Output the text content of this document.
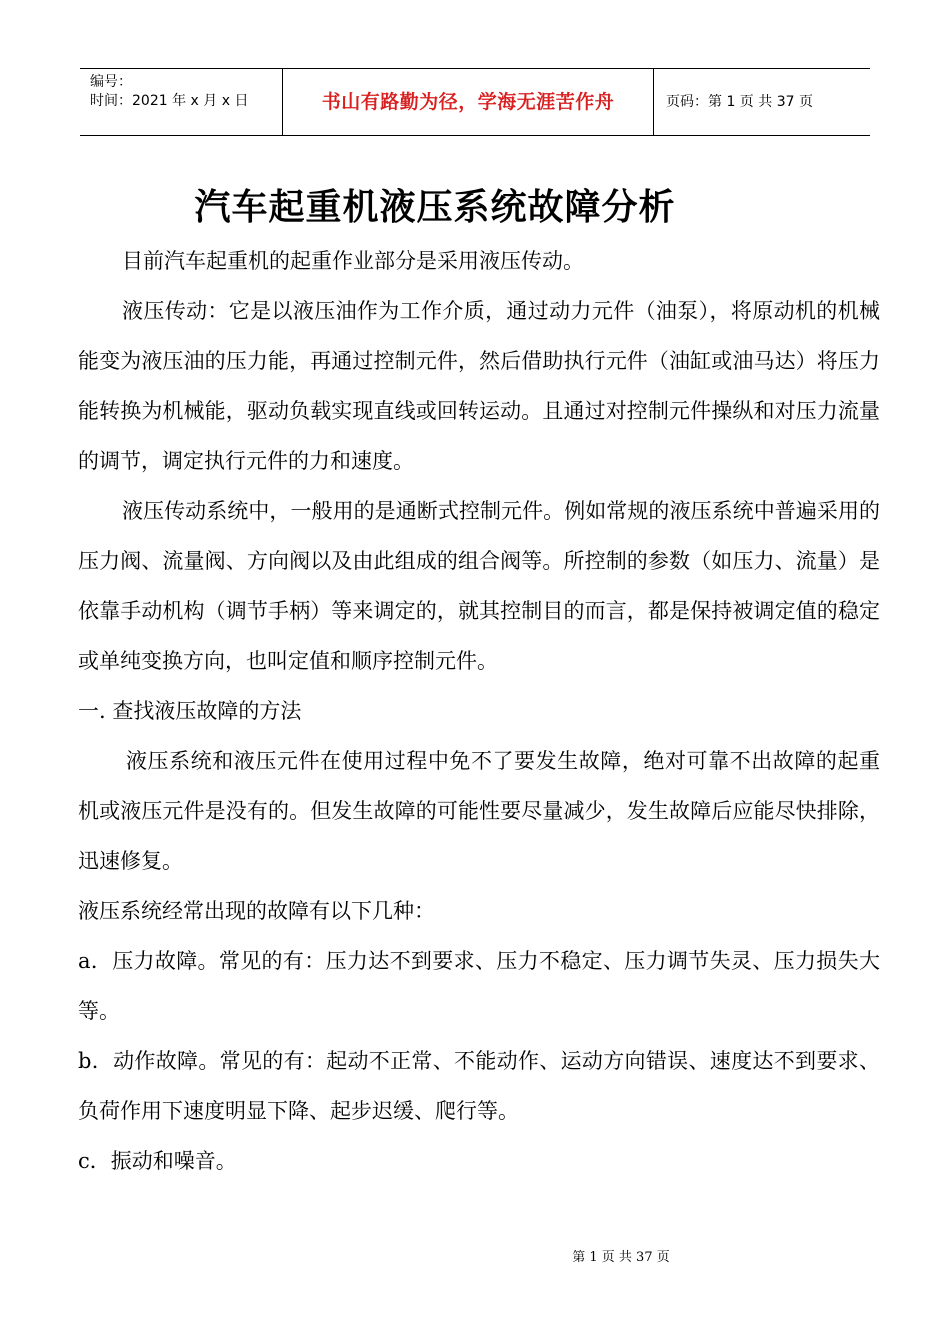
编号：
时间：2021 年 x 月 x 日	书山有路勤为径，学海无涯苦作舟	页码：第 1 页 共 37 页
汽车起重机液压系统故障分析

目前汽车起重机的起重作业部分是采用液压传动。

液压传动：它是以液压油作为工作介质，通过动力元件（油泵），将原动机的机械能变为液压油的压力能，再通过控制元件，然后借助执行元件（油缸或油马达）将压力能转换为机械能，驱动负载实现直线或回转运动。且通过对控制元件操纵和对压力流量的调节，调定执行元件的力和速度。

液压传动系统中，一般用的是通断式控制元件。例如常规的液压系统中普遍采用的压力阀、流量阀、方向阀以及由此组成的组合阀等。所控制的参数（如压力、流量）是依靠手动机构（调节手柄）等来调定的，就其控制目的而言，都是保持被调定值的稳定或单纯变换方向，也叫定值和顺序控制元件。

一. 查找液压故障的方法

液压系统和液压元件在使用过程中免不了要发生故障，绝对可靠不出故障的起重机或液压元件是没有的。但发生故障的可能性要尽量减少，发生故障后应能尽快排除，迅速修复。

液压系统经常出现的故障有以下几种：

a．压力故障。常见的有：压力达不到要求、压力不稳定、压力调节失灵、压力损失大等。

b．动作故障。常见的有：起动不正常、不能动作、运动方向错误、速度达不到要求、负荷作用下速度明显下降、起步迟缓、爬行等。

c．振动和噪音。

第 1 页 共 37 页
